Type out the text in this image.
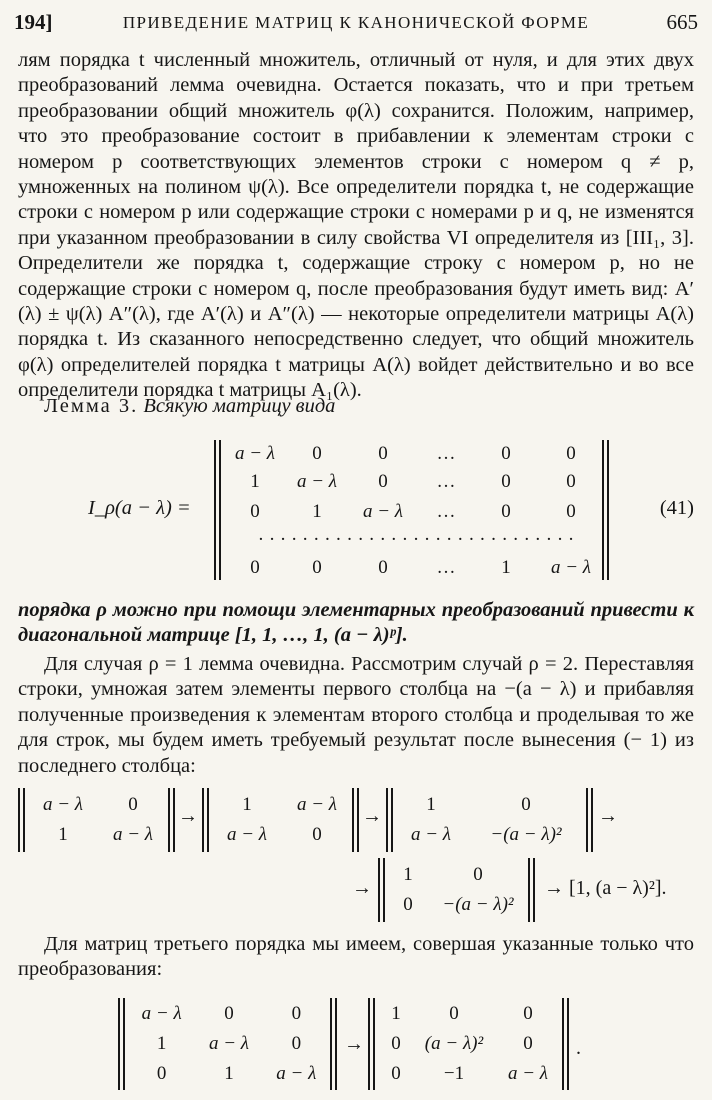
194]	ПРИВЕДЕНИЕ МАТРИЦ К КАНОНИЧЕСКОЙ ФОРМЕ	665

лям порядка t численный множитель, отличный от нуля, и для этих двух преобразований лемма очевидна. Остается показать, что и при третьем преобразовании общий множитель φ(λ) сохранится. Положим, например, что это преобразование состоит в прибавлении к элементам строки с номером p соответствующих элементов строки с номером q ≠ p, умноженных на полином ψ(λ). Все определители порядка t, не содержащие строки с номером p или содержащие строки с номерами p и q, не изменятся при указанном преобразовании в силу свойства VI определителя из [III₁, 3]. Определители же порядка t, содержащие строку с номером p, но не содержащие строки с номером q, после преобразования будут иметь вид: A′(λ) ± ψ(λ) A″(λ), где A′(λ) и A″(λ) — некоторые определители матрицы A(λ) порядка t. Из сказанного непосредственно следует, что общий множитель φ(λ) определителей порядка t матрицы A(λ) войдет действительно и во все определители порядка t матрицы A₁(λ).

Лемма 3. Всякую матрицу вида
I_ρ(a − λ) =
a − λ	0	0	…	0	0
1	a − λ	0	…	0	0
0	1	a − λ	…	0	0
· · · · · · · · · · · · · · · · · · · · · · · · · · · · ·					
0	0	0	…	1	a − λ
(41)

порядка ρ можно при помощи элементарных преобразований привести к диагональной матрице [1, 1, …, 1, (a − λ)ᵖ].

Для случая ρ = 1 лемма очевидна. Рассмотрим случай ρ = 2. Переставляя строки, умножая затем элементы первого столбца на −(a − λ) и прибавляя полученные произведения к элементам второго столбца и проделывая то же для строк, мы будем иметь требуемый результат после вынесения (− 1) из последнего столбца:

a − λ	0
1	a − λ
→
1	a − λ
a − λ	0
→
1	0
a − λ	−(a − λ)²
→
→
1	0
0	−(a − λ)²
→ [1, (a − λ)²].

Для матриц третьего порядка мы имеем, совершая указанные только что преобразования:

a − λ	0	0
1	a − λ	0
0	1	a − λ
→
1	0	0
0	(a − λ)²	0
0	−1	a − λ
.
